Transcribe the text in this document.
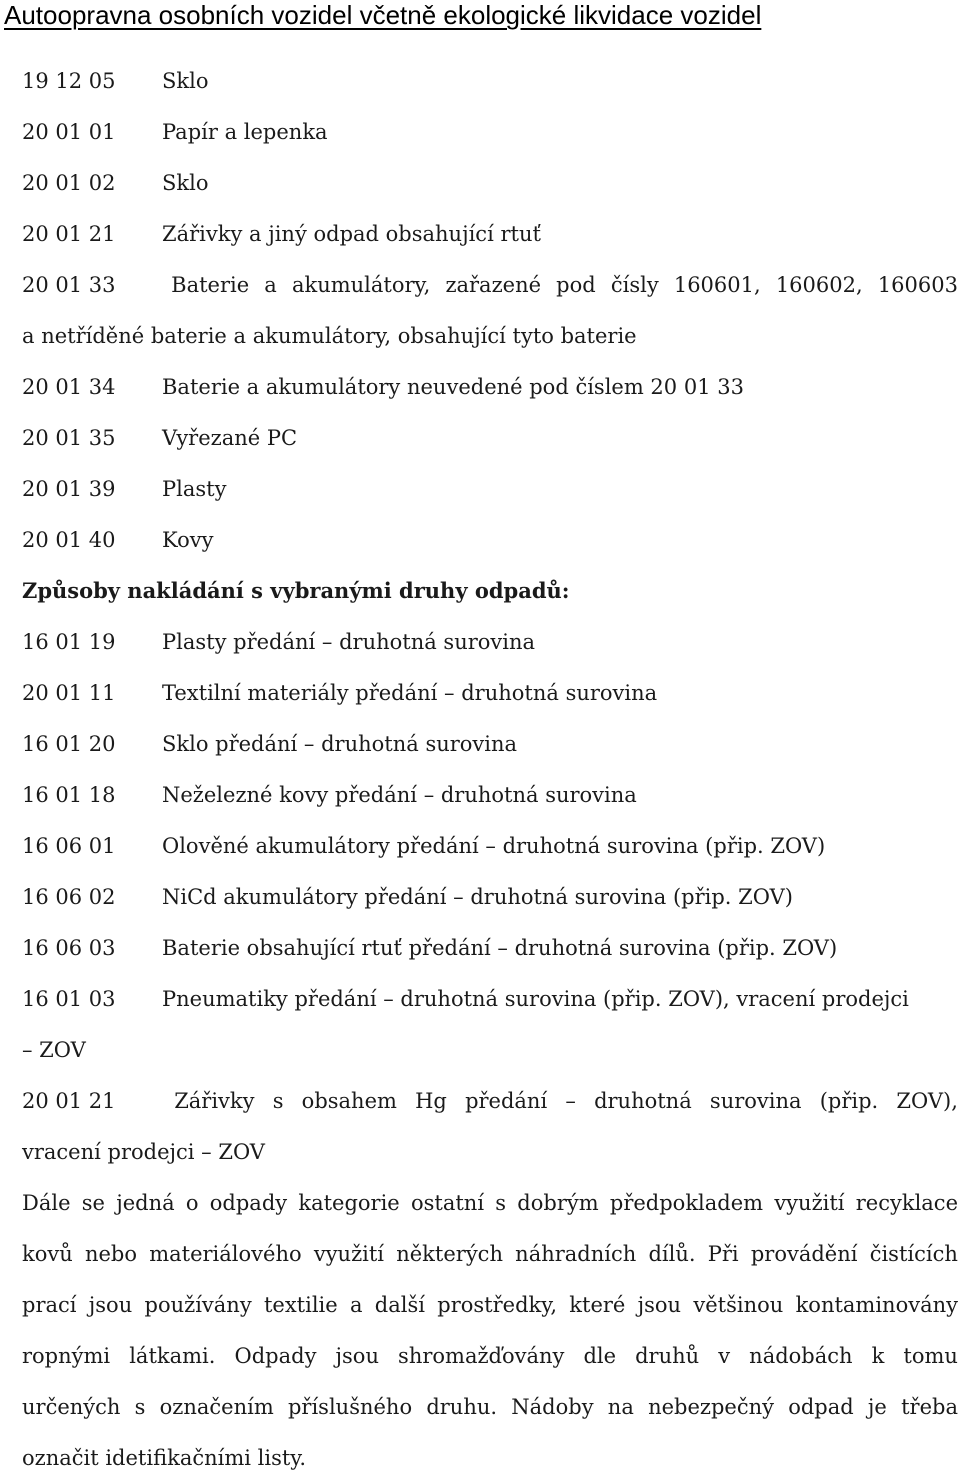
Autoopravna osobních vozidel včetně ekologické likvidace vozidel
19 12 05 Sklo
20 01 01 Papír a lepenka
20 01 02 Sklo
20 01 21 Zářivky a jiný odpad obsahující rtuť
20 01 33	Baterie a akumulátory, zařazené pod čísly 160601, 160602, 160603
a netříděné baterie a akumulátory, obsahující tyto baterie
20 01 34 Baterie a akumulátory neuvedené pod číslem 20 01 33
20 01 35 Vyřezané PC
20 01 39 Plasty
20 01 40 Kovy
Způsoby nakládání s vybranými druhy odpadů:
16 01 19 Plasty předání – druhotná surovina
20 01 11 Textilní materiály předání – druhotná surovina
16 01 20 Sklo předání – druhotná surovina
16 01 18 Neželezné kovy předání – druhotná surovina
16 06 01 Olověné akumulátory předání – druhotná surovina (přip. ZOV)
16 06 02 NiCd akumulátory předání – druhotná surovina (přip. ZOV)
16 06 03 Baterie obsahující rtuť předání – druhotná surovina (přip. ZOV)
16 01 03 Pneumatiky předání – druhotná surovina (přip. ZOV), vracení prodejci
– ZOV
20 01 21	Zářivky s obsahem Hg předání – druhotná surovina (přip. ZOV),
vracení prodejci – ZOV
Dále se jedná o odpady kategorie ostatní s dobrým předpokladem využití recyklace
kovů nebo materiálového využití některých náhradních dílů. Při provádění čistících
prací jsou používány textilie a další prostředky, které jsou většinou kontaminovány
ropnými látkami. Odpady jsou shromažďovány dle druhů v nádobách k tomu
určených s označením příslušného druhu. Nádoby na nebezpečný odpad je třeba
označit idetifikačními listy.
